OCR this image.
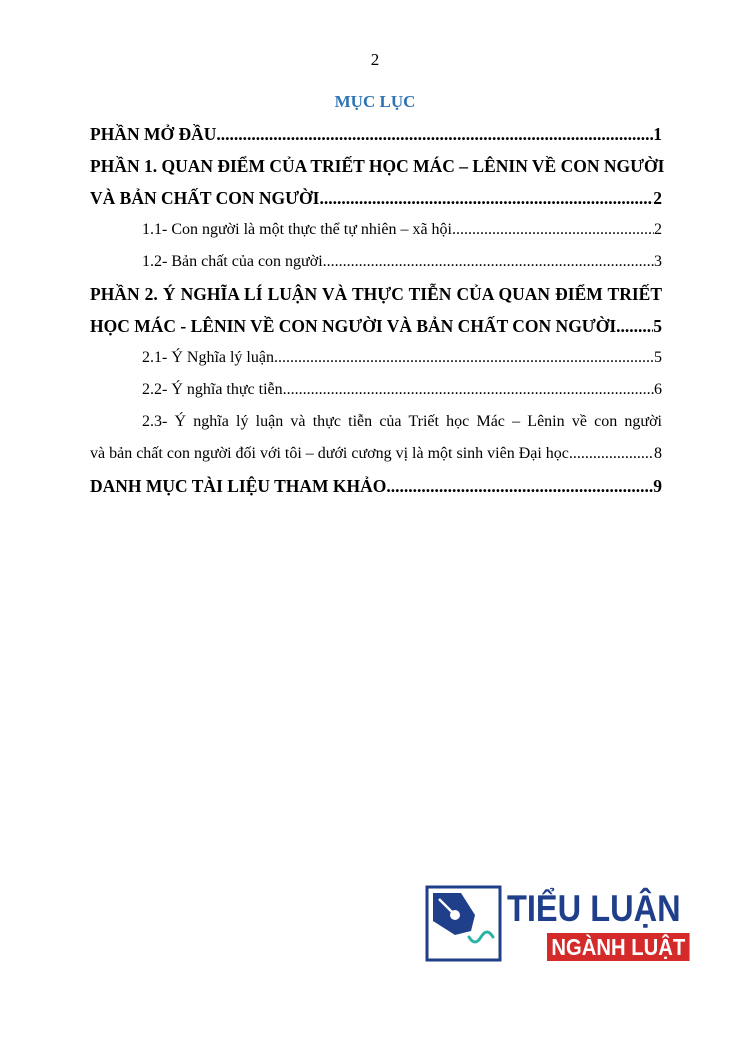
2
MỤC LỤC
PHẦN MỞ ĐẦU .....	1
PHẦN 1. QUAN ĐIỂM CỦA TRIẾT HỌC MÁC – LÊNIN VỀ CON NGƯỜI
VÀ BẢN CHẤT CON NGƯỜI .....	2
1.1- Con người là một thực thể tự nhiên – xã hội .....	2
1.2- Bản chất của con người .....	3
PHẦN 2. Ý NGHĨA LÍ LUẬN VÀ THỰC TIỄN CỦA QUAN ĐIỂM TRIẾT
HỌC MÁC - LÊNIN VỀ CON NGƯỜI VÀ BẢN CHẤT CON NGƯỜI ..... 5
2.1- Ý Nghĩa lý luận .....	5
2.2- Ý nghĩa thực tiễn .....	6
2.3- Ý nghĩa lý luận và thực tiễn của Triết học Mác – Lênin về con người
và bản chất con người đối với tôi – dưới cương vị là một sinh viên Đại học .....	8
DANH MỤC TÀI LIỆU THAM KHẢO .....	9
TIỂU LUẬN
NGÀNH LUẬT
